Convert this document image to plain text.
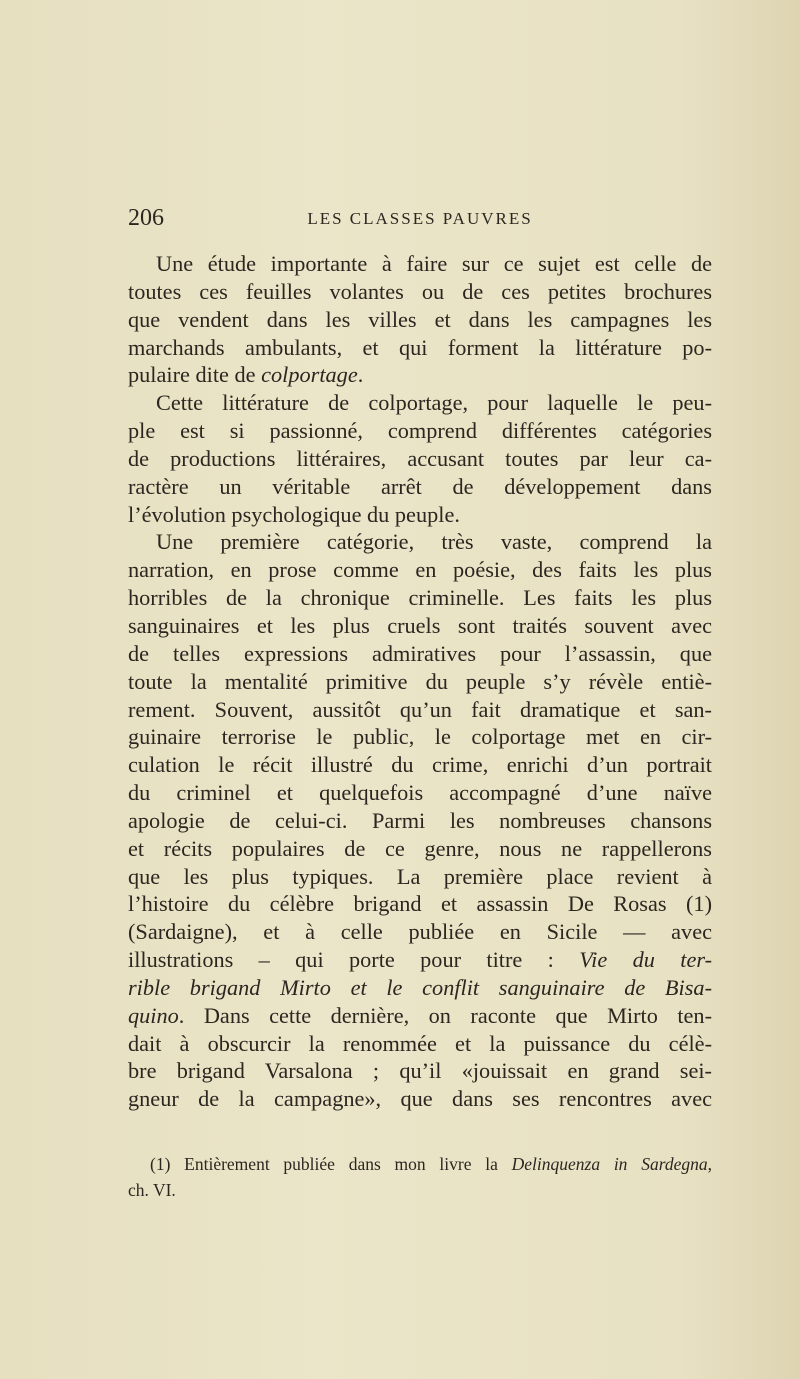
206	LES CLASSES PAUVRES
Une étude importante à faire sur ce sujet est celle de
toutes ces feuilles volantes ou de ces petites brochures
que vendent dans les villes et dans les campagnes les
marchands ambulants, et qui forment la littérature po-
pulaire dite de colportage.
Cette littérature de colportage, pour laquelle le peu-
ple est si passionné, comprend différentes catégories
de productions littéraires, accusant toutes par leur ca-
ractère un véritable arrêt de développement dans
l’évolution psychologique du peuple.
Une première catégorie, très vaste, comprend la
narration, en prose comme en poésie, des faits les plus
horribles de la chronique criminelle. Les faits les plus
sanguinaires et les plus cruels sont traités souvent avec
de telles expressions admiratives pour l’assassin, que
toute la mentalité primitive du peuple s’y révèle entiè-
rement. Souvent, aussitôt qu’un fait dramatique et san-
guinaire terrorise le public, le colportage met en cir-
culation le récit illustré du crime, enrichi d’un portrait
du criminel et quelquefois accompagné d’une naïve
apologie de celui-ci. Parmi les nombreuses chansons
et récits populaires de ce genre, nous ne rappellerons
que les plus typiques. La première place revient à
l’histoire du célèbre brigand et assassin De Rosas (1)
(Sardaigne), et à celle publiée en Sicile — avec
illustrations – qui porte pour titre : Vie du ter-
rible brigand Mirto et le conflit sanguinaire de Bisa-
quino. Dans cette dernière, on raconte que Mirto ten-
dait à obscurcir la renommée et la puissance du célè-
bre brigand Varsalona ; qu’il «jouissait en grand sei-
gneur de la campagne», que dans ses rencontres avec
(1) Entièrement publiée dans mon livre la Delinquenza in Sardegna,
ch. VI.
